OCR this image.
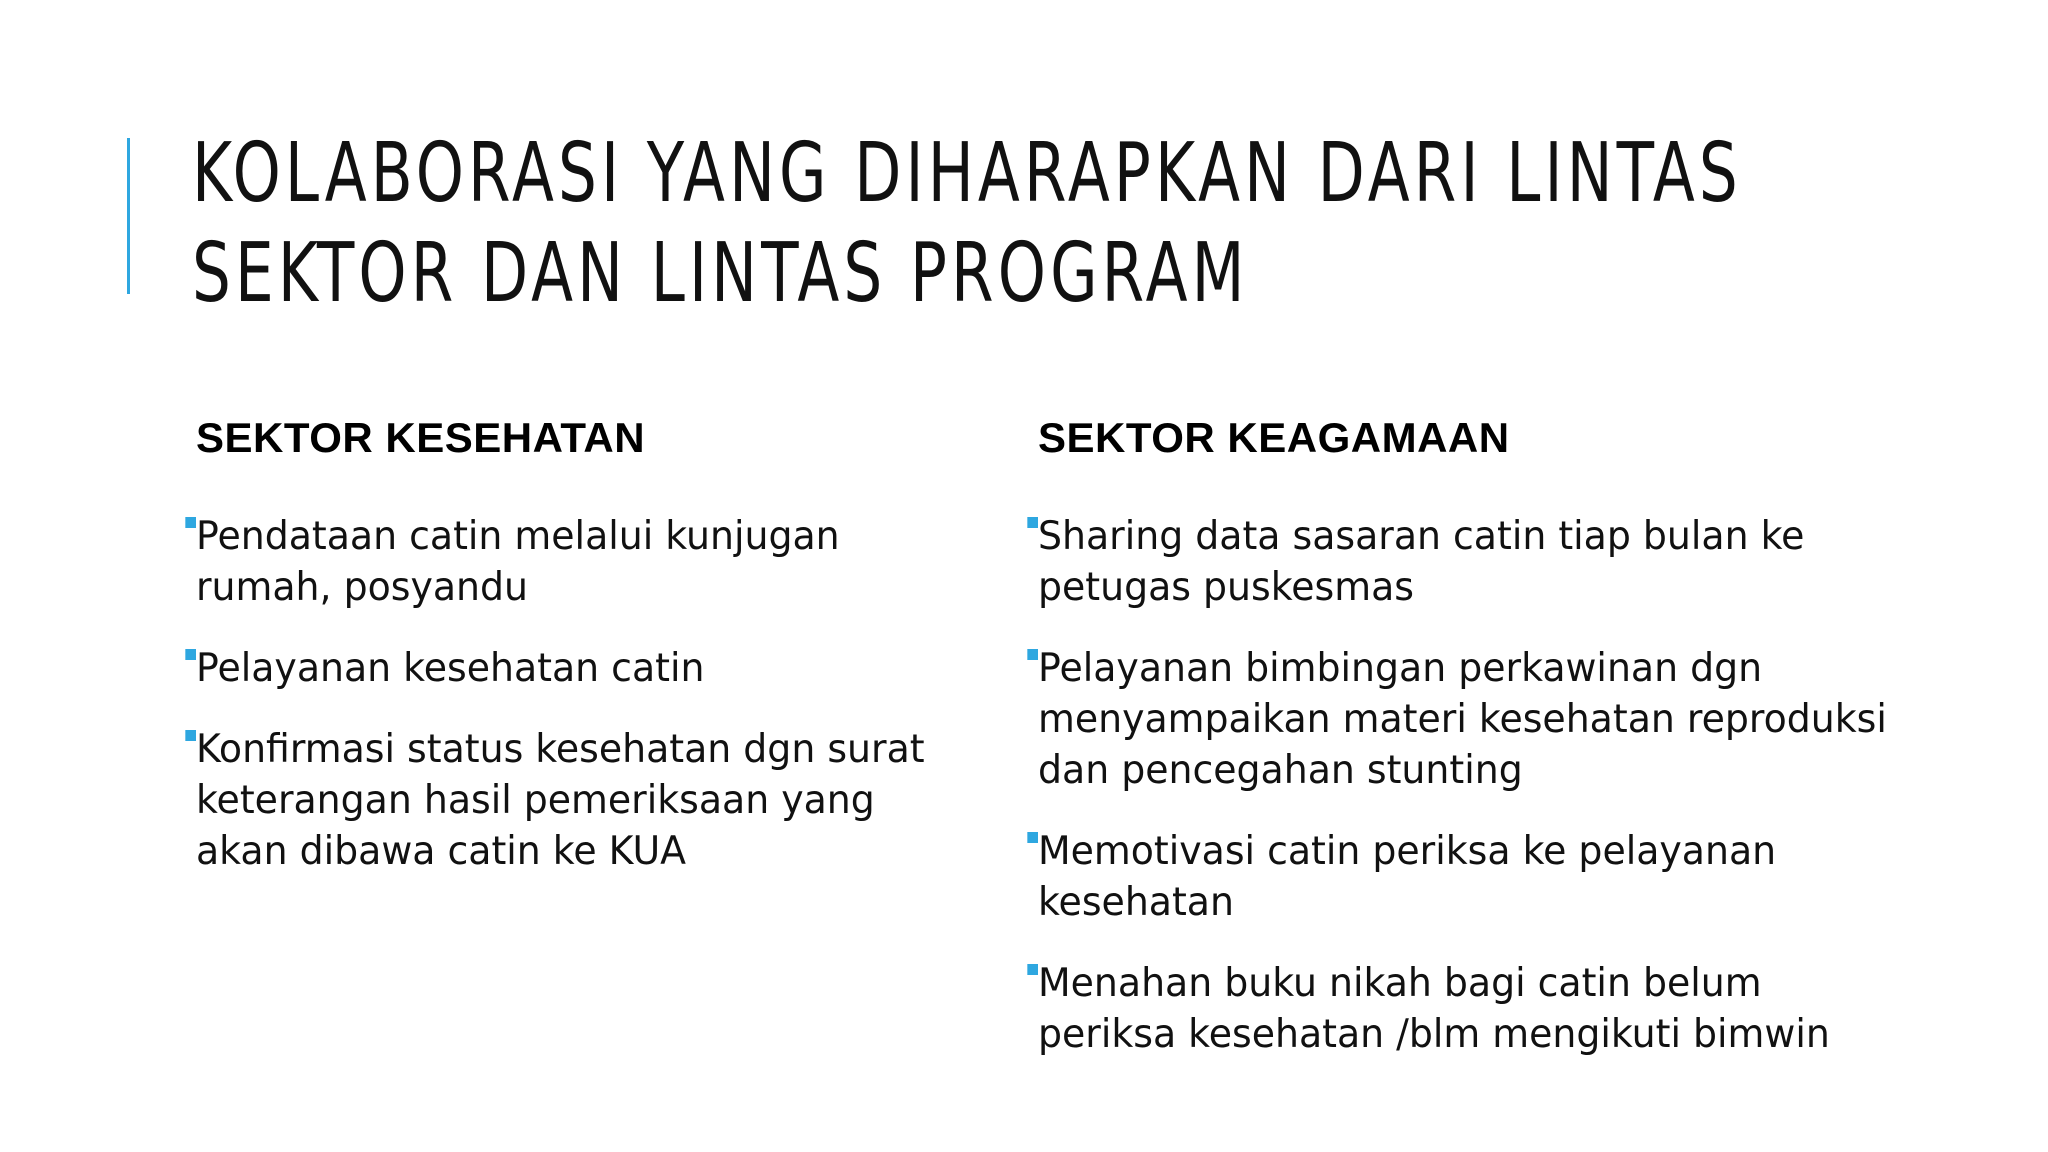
KOLABORASI YANG DIHARAPKAN DARI LINTAS
SEKTOR DAN LINTAS PROGRAM
SEKTOR KESEHATAN
Pendataan catin melalui kunjugan rumah, posyandu
Pelayanan kesehatan catin
Konfirmasi status kesehatan dgn surat keterangan hasil pemeriksaan yang akan dibawa catin ke KUA
SEKTOR KEAGAMAAN
Sharing data sasaran catin tiap bulan ke petugas puskesmas
Pelayanan bimbingan perkawinan dgn menyampaikan materi kesehatan reproduksi dan pencegahan stunting
Memotivasi catin periksa ke pelayanan kesehatan
Menahan buku nikah bagi catin belum periksa kesehatan /blm mengikuti bimwin
